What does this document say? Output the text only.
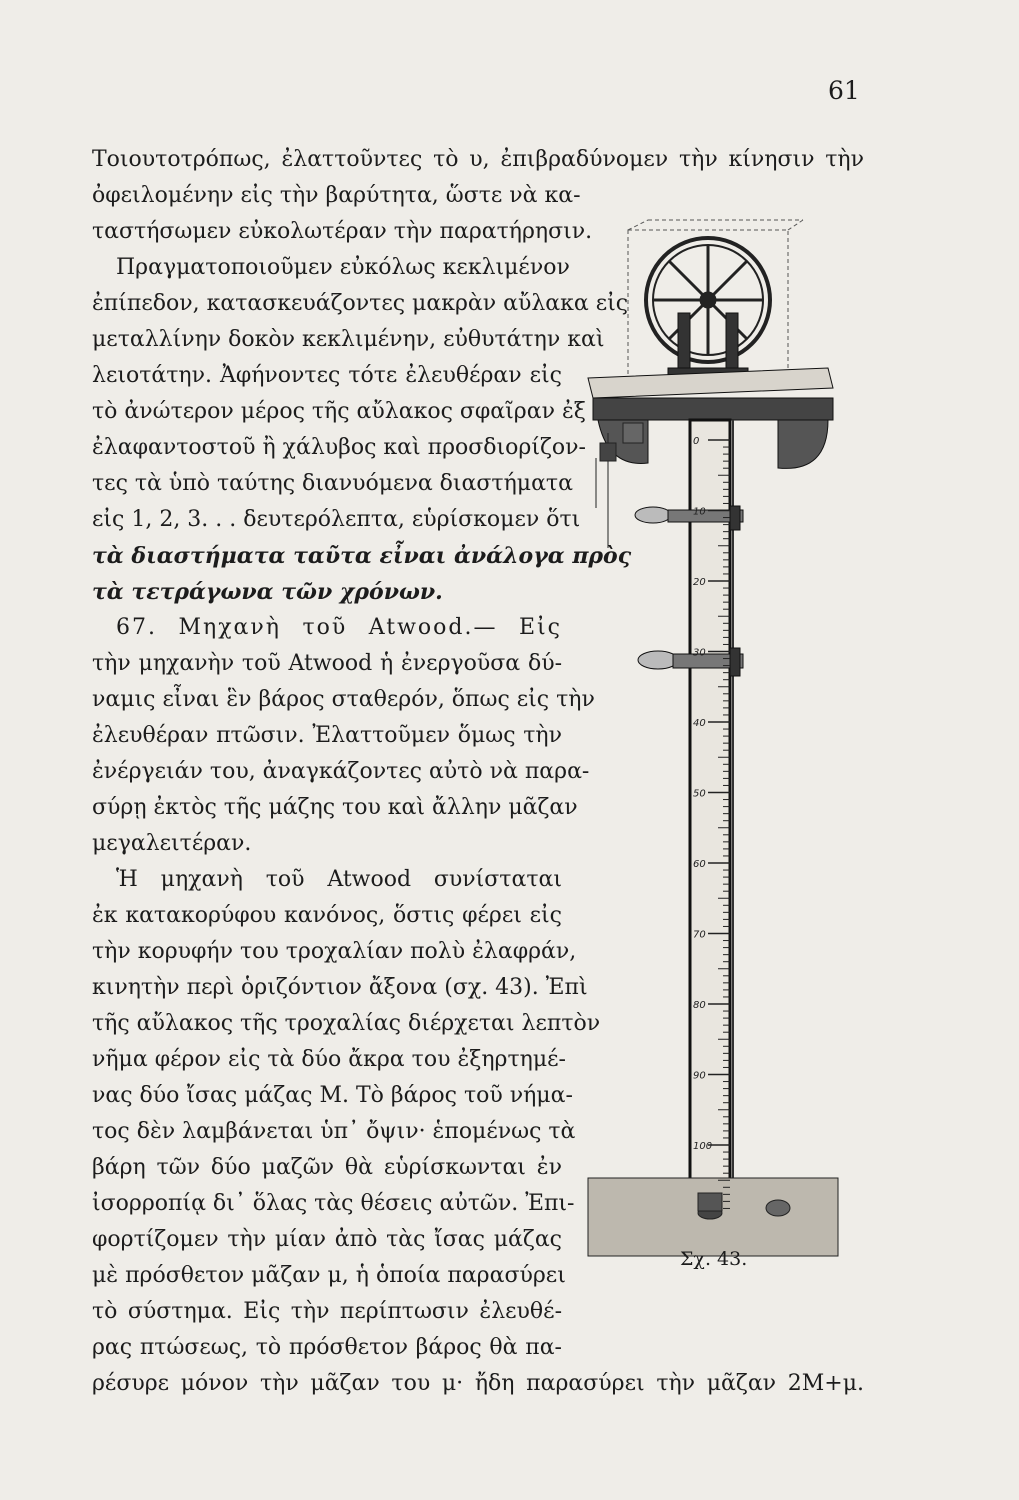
61
Τοιουτοτρόπως, ἐλαττοῦντες τὸ υ, ἐπιβραδύνομεν τὴν κίνησιν τὴν
ὀφειλομένην εἰς τὴν βαρύτητα, ὥστε νὰ κα-
ταστήσωμεν εὐκολωτέραν τὴν παρατήρησιν.
Πραγματοποιοῦμεν εὐκόλως κεκλιμένον
ἐπίπεδον, κατασκευάζοντες μακρὰν αὔλακα εἰς
μεταλλίνην δοκὸν κεκλιμένην, εὐθυτάτην καὶ
λειοτάτην. Ἀφήνοντες τότε ἐλευθέραν εἰς
τὸ ἀνώτερον μέρος τῆς αὔλακος σφαῖραν ἐξ
ἐλαφαντοστοῦ ἢ χάλυβος καὶ προσδιορίζον-
τες τὰ ὑπὸ ταύτης διανυόμενα διαστήματα
εἰς 1, 2, 3. . . δευτερόλεπτα, εὑρίσκομεν ὅτι
τὰ διαστήματα ταῦτα εἶναι ἀνάλογα πρὸς
τὰ τετράγωνα τῶν χρόνων.
67. Μηχανὴ τοῦ Atwood.— Εἰς
τὴν μηχανὴν τοῦ Atwood ἡ ἐνεργοῦσα δύ-
ναμις εἶναι ἓν βάρος σταθερόν, ὅπως εἰς τὴν
ἐλευθέραν πτῶσιν. Ἐλαττοῦμεν ὅμως τὴν
ἐνέργειάν του, ἀναγκάζοντες αὐτὸ νὰ παρα-
σύρῃ ἐκτὸς τῆς μάζης του καὶ ἄλλην μᾶζαν
μεγαλειτέραν.
Ἡ μηχανὴ τοῦ Atwood συνίσταται
ἐκ κατακορύφου κανόνος, ὅστις φέρει εἰς
τὴν κορυφήν του τροχαλίαν πολὺ ἐλαφράν,
κινητὴν περὶ ὁριζόντιον ἄξονα (σχ. 43). Ἐπὶ
τῆς αὔλακος τῆς τροχαλίας διέρχεται λεπτὸν
νῆμα φέρον εἰς τὰ δύο ἄκρα του ἐξηρτημέ-
νας δύο ἴσας μάζας M. Τὸ βάρος τοῦ νήμα-
τος δὲν λαμβάνεται ὑπ᾿ ὄψιν· ἑπομένως τὰ
βάρη τῶν δύο μαζῶν θὰ εὑρίσκωνται ἐν
ἰσορροπίᾳ δι᾿ ὅλας τὰς θέσεις αὐτῶν. Ἐπι-
φορτίζομεν τὴν μίαν ἀπὸ τὰς ἴσας μάζας
μὲ πρόσθετον μᾶζαν μ, ἡ ὁποία παρασύρει
τὸ σύστημα. Εἰς τὴν περίπτωσιν ἐλευθέ-
ρας πτώσεως, τὸ πρόσθετον βάρος θὰ πα-
ρέσυρε μόνον τὴν μᾶζαν του μ· ἤδη παρασύρει τὴν μᾶζαν 2M+μ.
0
10
20
30
40
50
60
70
80
90
100
Σχ. 43.
